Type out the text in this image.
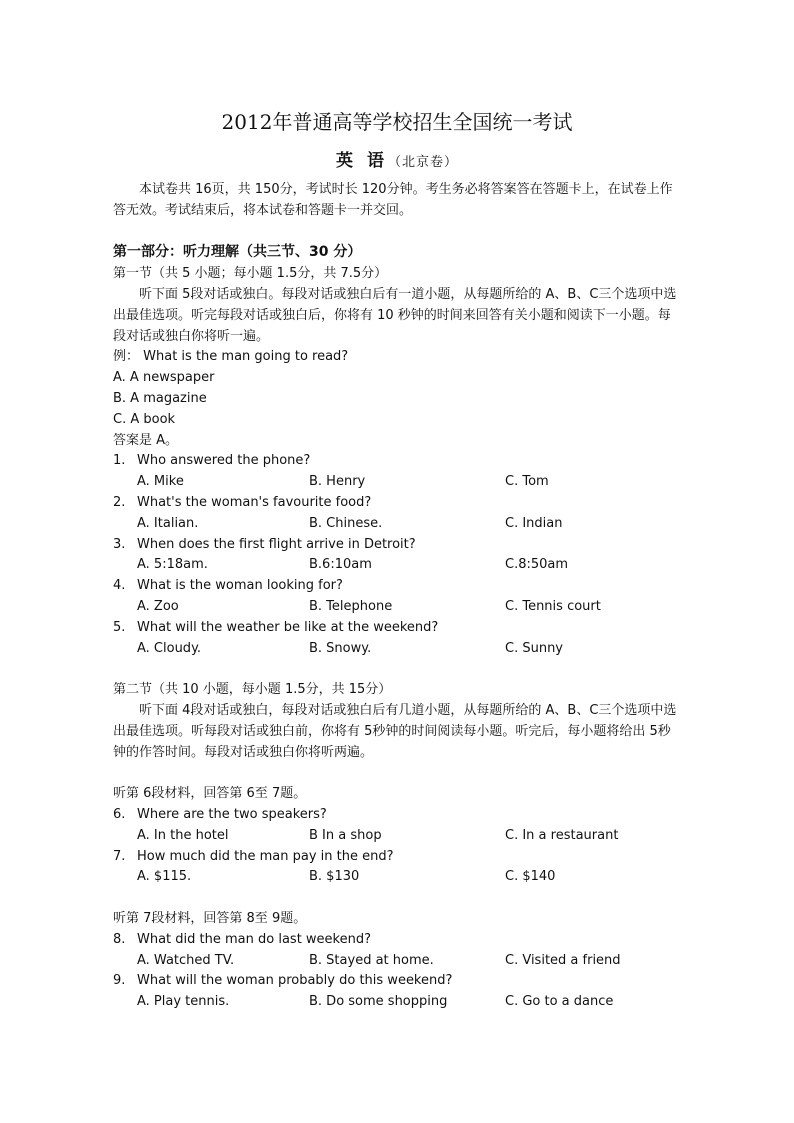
2012年普通高等学校招生全国统一考试
英 语（北京卷）
本试卷共 16页，共 150分，考试时长 120分钟。考生务必将答案答在答题卡上，在试卷上作答无效。考试结束后，将本试卷和答题卡一并交回。
第一部分：听力理解（共三节、30 分）
第一节（共 5 小题；每小题 1.5分，共 7.5分）
听下面 5段对话或独白。每段对话或独白后有一道小题，从每题所给的 A、B、C三个选项中选出最佳选项。听完每段对话或独白后，你将有 10 秒钟的时间来回答有关小题和阅读下一小题。每段对话或独白你将听一遍。
例： What is the man going to read?
A. A newspaper
B. A magazine
C. A book
答案是 A。
1. Who answered the phone?
A. Mike	B. Henry	C. Tom
2. What's the woman's favourite food?
A. Italian.	B. Chinese.	C. Indian
3. When does the first flight arrive in Detroit?
A. 5:18am.	B.6:10am	C.8:50am
4. What is the woman looking for?
A. Zoo	B. Telephone	C. Tennis court
5. What will the weather be like at the weekend?
A. Cloudy.	B. Snowy.	C. Sunny
第二节（共 10 小题，每小题 1.5分，共 15分）
听下面 4段对话或独白，每段对话或独白后有几道小题，从每题所给的 A、B、C三个选项中选出最佳选项。听每段对话或独白前，你将有 5秒钟的时间阅读每小题。听完后，每小题将给出 5秒钟的作答时间。每段对话或独白你将听两遍。
听第 6段材料，回答第 6至 7题。
6. Where are the two speakers?
A. In the hotel	B In a shop	C. In a restaurant
7. How much did the man pay in the end?
A. $115.	B. $130	C. $140
听第 7段材料，回答第 8至 9题。
8. What did the man do last weekend?
A. Watched TV.	B. Stayed at home.	C. Visited a friend
9. What will the woman probably do this weekend?
A. Play tennis.	B. Do some shopping	C. Go to a dance
